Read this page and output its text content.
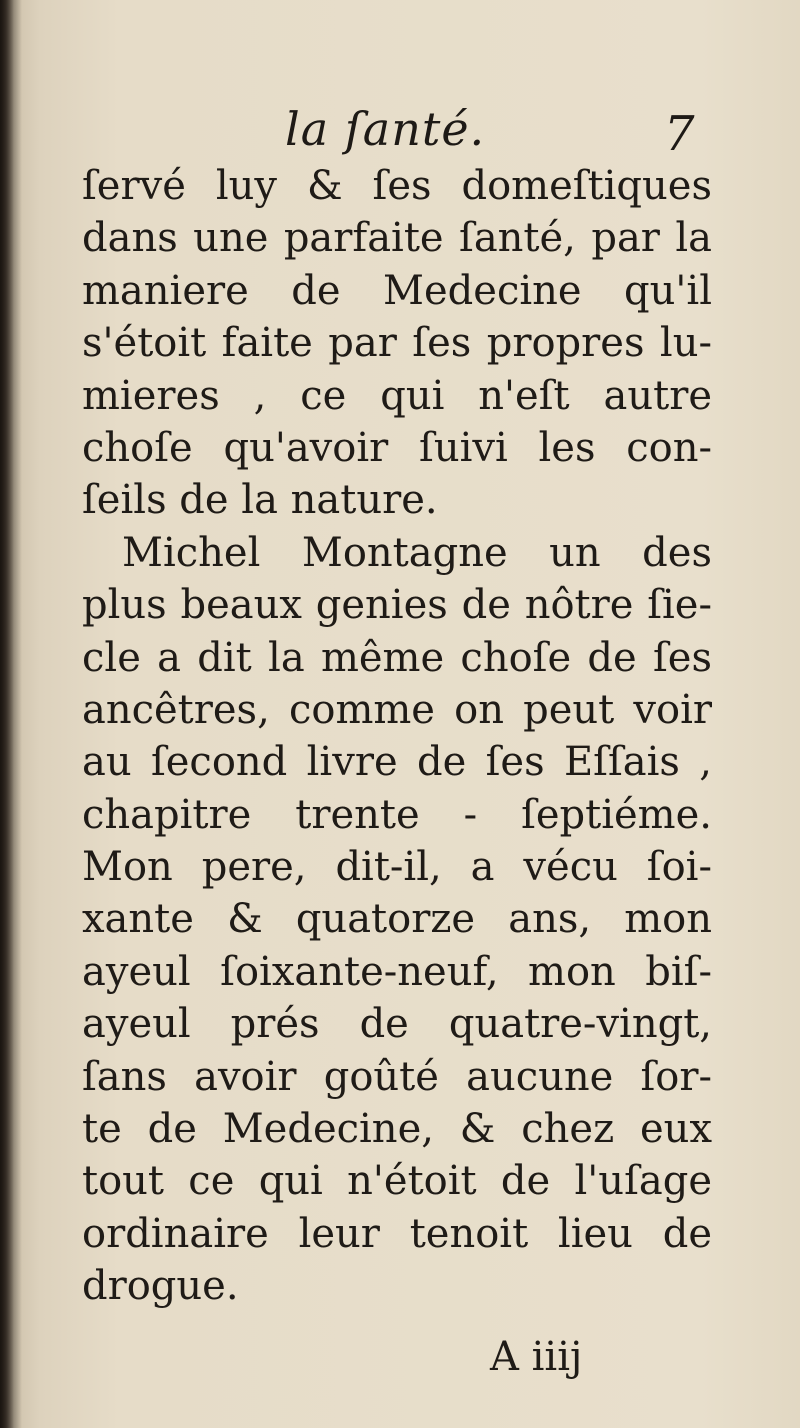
la ſanté.	7
ſervé luy & ſes domeſtiques
dans une parfaite ſanté, par la
maniere de Medecine qu'il
s'étoit faite par ſes propres lu-
mieres , ce qui n'eſt autre
choſe qu'avoir ſuivi les con-
ſeils de la nature.
Michel Montagne un des
plus beaux genies de nôtre ſie-
cle a dit la même choſe de ſes
ancêtres, comme on peut voir
au ſecond livre de ſes Eſſais ,
chapitre trente - ſeptiéme.
Mon pere, dit-il, a vécu ſoi-
xante & quatorze ans, mon
ayeul ſoixante-neuf, mon biſ-
ayeul prés de quatre-vingt,
ſans avoir goûté aucune ſor-
te de Medecine, & chez eux
tout ce qui n'étoit de l'uſage
ordinaire leur tenoit lieu de
drogue.
A iiij
